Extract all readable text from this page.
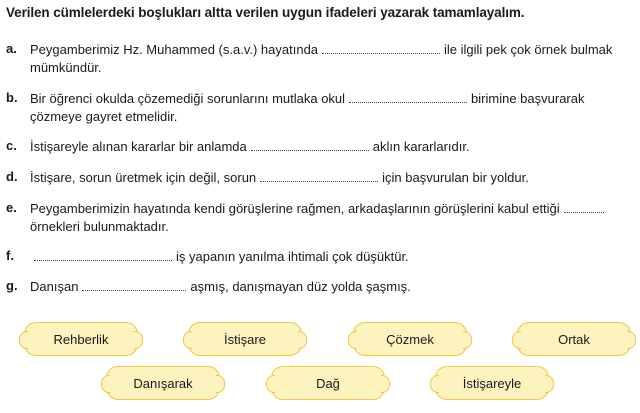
Verilen cümlelerdeki boşlukları altta verilen uygun ifadeleri yazarak tamamlayalım.
a. Peygamberimiz Hz. Muhammed (s.a.v.) hayatında	ile ilgili pek çok örnek bulmak mümkündür.
b. Bir öğrenci okulda çözemediği sorunlarını mutlaka okul	birimine başvurarak çözmeye gayret etmelidir.
c. İstişareyle alınan kararlar bir anlamda	aklın kararlarıdır.
d. İstişare, sorun üretmek için değil, sorun	için başvurulan bir yoldur.
e. Peygamberimizin hayatında kendi görüşlerine rağmen, arkadaşlarının görüşlerini kabul ettiğiörnekleri bulunmaktadır.
f.	iş yapanın yanılma ihtimali çok düşüktür.
g. Danışan	aşmış, danışmayan düz yolda şaşmış.
Rehberlik	İstişare	Çözmek	Ortak
Danışarak	Dağ	İstişareyle
